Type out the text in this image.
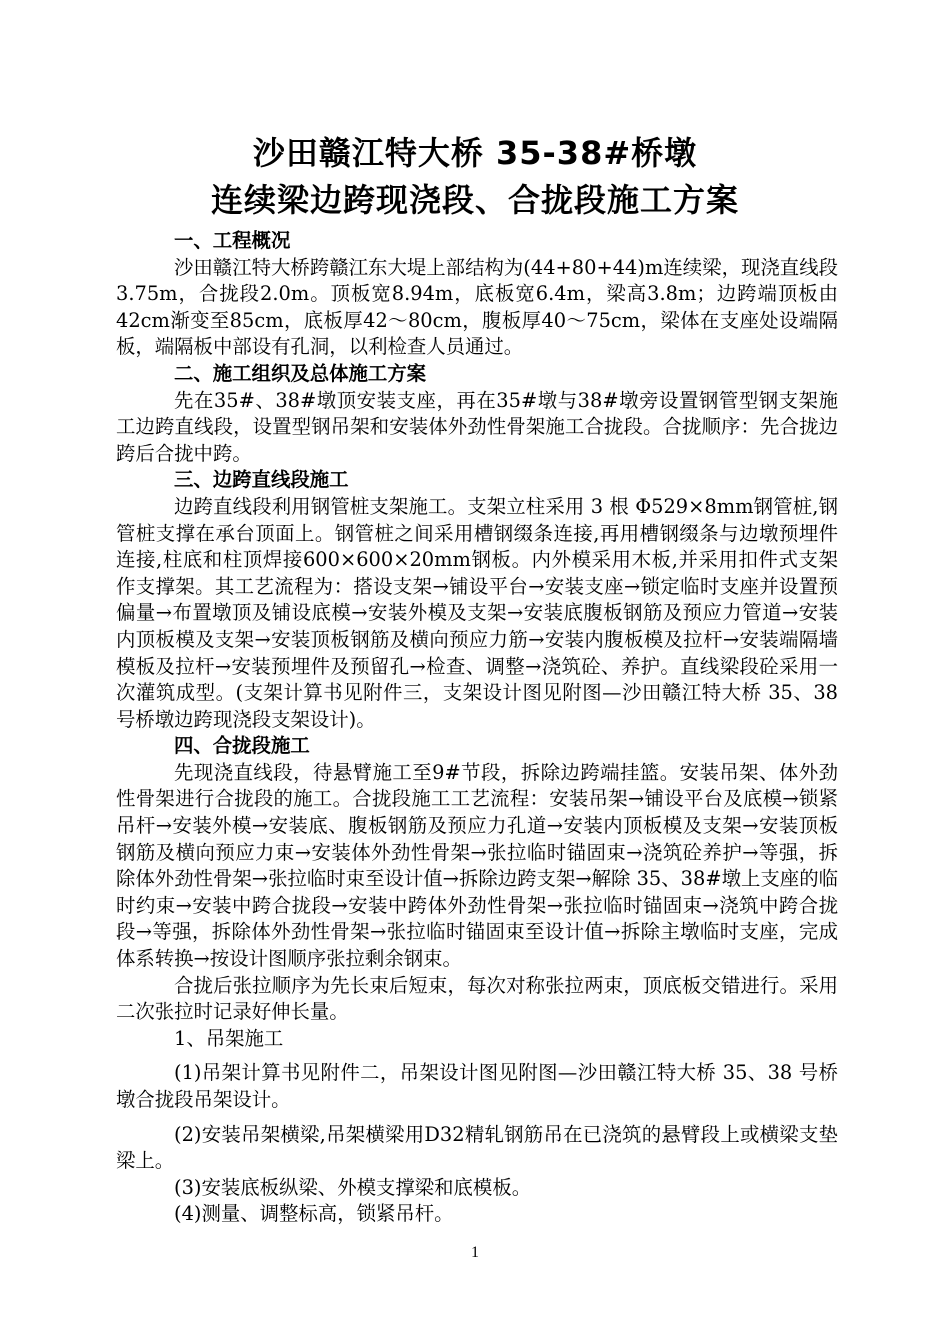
沙田赣江特大桥 35-38#桥墩
连续梁边跨现浇段、合拢段施工方案

一、工程概况

沙田赣江特大桥跨赣江东大堤上部结构为(44+80+44)m连续梁，现浇直线段3.75m，合拢段2.0m。顶板宽8.94m，底板宽6.4m，梁高3.8m；边跨端顶板由42cm渐变至85cm，底板厚42～80cm，腹板厚40～75cm，梁体在支座处设端隔板，端隔板中部设有孔洞，以利检查人员通过。

二、施工组织及总体施工方案

先在35#、38#墩顶安装支座，再在35#墩与38#墩旁设置钢管型钢支架施工边跨直线段，设置型钢吊架和安装体外劲性骨架施工合拢段。合拢顺序：先合拢边跨后合拢中跨。

三、边跨直线段施工

边跨直线段利用钢管桩支架施工。支架立柱采用 3 根 Φ529×8mm钢管桩,钢管桩支撑在承台顶面上。钢管桩之间采用槽钢缀条连接,再用槽钢缀条与边墩预埋件连接,柱底和柱顶焊接600×600×20mm钢板。内外模采用木板,并采用扣件式支架作支撑架。其工艺流程为：搭设支架→铺设平台→安装支座→锁定临时支座并设置预偏量→布置墩顶及铺设底模→安装外模及支架→安装底腹板钢筋及预应力管道→安装内顶板模及支架→安装顶板钢筋及横向预应力筋→安装内腹板模及拉杆→安装端隔墙模板及拉杆→安装预埋件及预留孔→检查、调整→浇筑砼、养护。直线梁段砼采用一次灌筑成型。(支架计算书见附件三，支架设计图见附图—沙田赣江特大桥 35、38 号桥墩边跨现浇段支架设计)。

四、合拢段施工

先现浇直线段，待悬臂施工至9#节段，拆除边跨端挂篮。安装吊架、体外劲性骨架进行合拢段的施工。合拢段施工工艺流程：安装吊架→铺设平台及底模→锁紧吊杆→安装外模→安装底、腹板钢筋及预应力孔道→安装内顶板模及支架→安装顶板钢筋及横向预应力束→安装体外劲性骨架→张拉临时锚固束→浇筑砼养护→等强，拆除体外劲性骨架→张拉临时束至设计值→拆除边跨支架→解除 35、38#墩上支座的临时约束→安装中跨合拢段→安装中跨体外劲性骨架→张拉临时锚固束→浇筑中跨合拢段→等强，拆除体外劲性骨架→张拉临时锚固束至设计值→拆除主墩临时支座，完成体系转换→按设计图顺序张拉剩余钢束。

合拢后张拉顺序为先长束后短束，每次对称张拉两束，顶底板交错进行。采用二次张拉时记录好伸长量。

1、吊架施工

(1)吊架计算书见附件二，吊架设计图见附图—沙田赣江特大桥 35、38 号桥墩合拢段吊架设计。

(2)安装吊架横梁,吊架横梁用D32精轧钢筋吊在已浇筑的悬臂段上或横梁支垫梁上。

(3)安装底板纵梁、外模支撑梁和底模板。

(4)测量、调整标高，锁紧吊杆。

1
